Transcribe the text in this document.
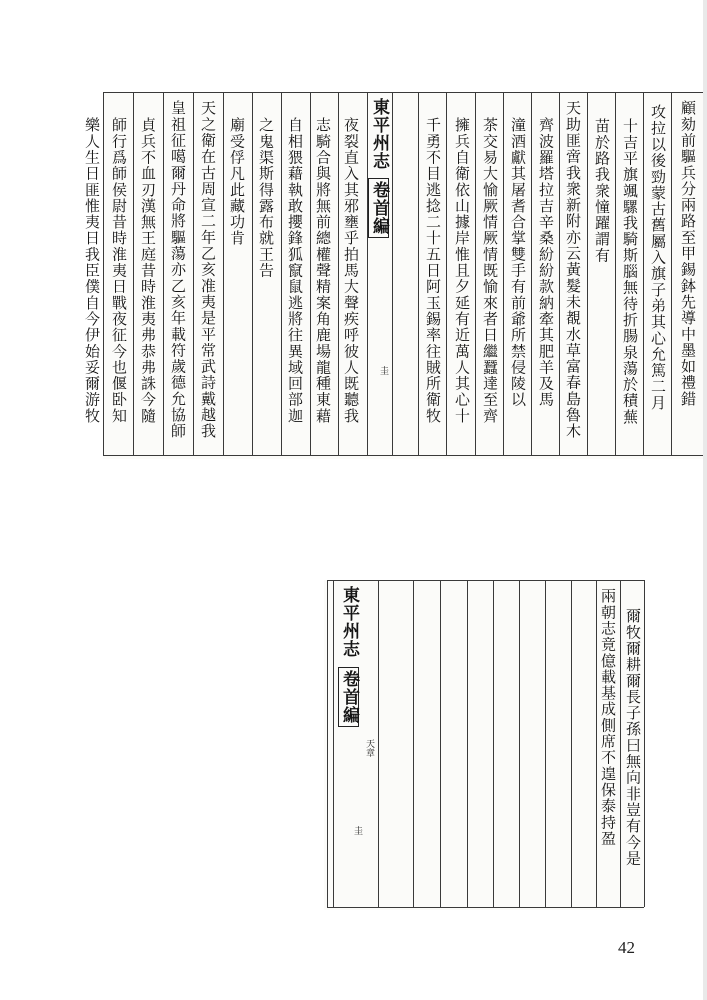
顧劾前驅兵分兩路至甲錫鉢先導中墨如禮錯
攻拉以後勁蒙古舊屬入旗子弟其心允篤二月
十吉平旗颯騾我騎斯腦無待折腸泉蕩於積蕪
苗於路我衆憧躍謂有
天助匪啻我衆新附亦云黃髮未覩水草富春島魯木
齊波羅塔拉吉辛桑紛紛款納牽其肥羊及馬
潼酒獻其屠耆合掌雙手有前爺所禁侵陵以
茶交易大愉厥情厥情既愉來者日繼蠶達至齊
擁兵自衛依山據岸惟且夕延有近萬人其心十
千勇不目逃捻二十五日阿玉錫率往賊所衛牧
東平州志
卷首編
圭
夜裂直入其邪壅乎拍馬大聲疾呼彼人既聽我
志騎合與將無前總權聲精案角鹿場龍種東藉
自相猥藉執敢攖鋒狐竄鼠逃將往異域回部迦
之鬼渠斯得露布就王告
廟受俘凡此藏功肯
天之衛在古周宣二年乙亥准夷是平常武詩戴越我
皇祖征噶爾丹命將驅蕩亦乙亥年載符歲德允協師
貞兵不血刃漢無王庭昔時淮夷弗恭弗誅今隨
師行爲師侯尉昔時淮夷日戰夜征今也偃卧知
樂人生日匪惟夷日我臣僕自今伊始妥爾游牧
爾牧爾耕爾長子孫曰無向非豈有今是
兩朝志竟億載基成側席不遑保泰持盈
東平州志
卷首編
天章
圭
42
